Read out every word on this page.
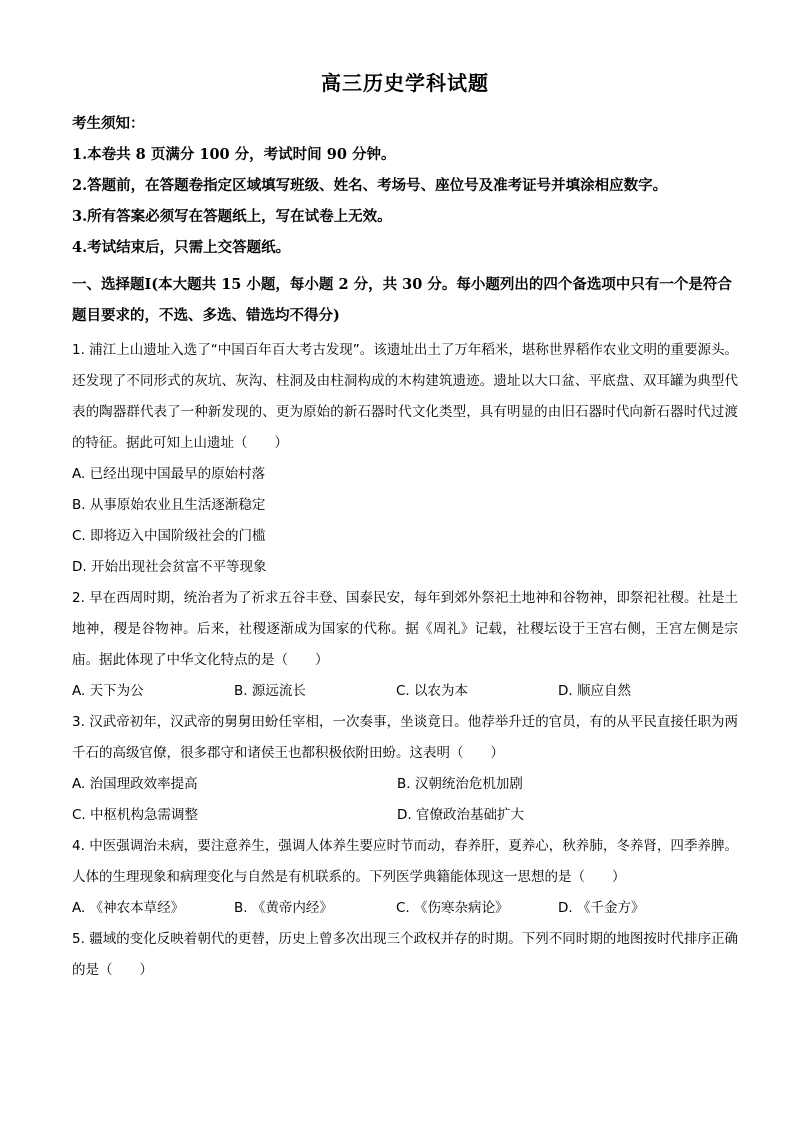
高三历史学科试题
考生须知：
1.本卷共 8 页满分 100 分，考试时间 90 分钟。
2.答题前，在答题卷指定区域填写班级、姓名、考场号、座位号及准考证号并填涂相应数字。
3.所有答案必须写在答题纸上，写在试卷上无效。
4.考试结束后，只需上交答题纸。
一、选择题Ⅰ(本大题共 15 小题，每小题 2 分，共 30 分。每小题列出的四个备选项中只有一个是符合题目要求的，不选、多选、错选均不得分)

1. 浦江上山遗址入选了“中国百年百大考古发现”。该遗址出土了万年稻米，堪称世界稻作农业文明的重要源头。还发现了不同形式的灰坑、灰沟、柱洞及由柱洞构成的木构建筑遗迹。遗址以大口盆、平底盘、双耳罐为典型代表的陶器群代表了一种新发现的、更为原始的新石器时代文化类型，具有明显的由旧石器时代向新石器时代过渡的特征。据此可知上山遗址（　　）

A. 已经出现中国最早的原始村落
B. 从事原始农业且生活逐渐稳定
C. 即将迈入中国阶级社会的门槛
D. 开始出现社会贫富不平等现象

2. 早在西周时期，统治者为了祈求五谷丰登、国泰民安，每年到郊外祭祀土地神和谷物神，即祭祀社稷。社是土地神，稷是谷物神。后来，社稷逐渐成为国家的代称。据《周礼》记载，社稷坛设于王宫右侧，王宫左侧是宗庙。据此体现了中华文化特点的是（　　）

A. 天下为公	B. 源远流长	C. 以农为本	D. 顺应自然

3. 汉武帝初年，汉武帝的舅舅田蚡任宰相，一次奏事，坐谈竟日。他荐举升迁的官员，有的从平民直接任职为两千石的高级官僚，很多郡守和诸侯王也都积极依附田蚡。这表明（　　）

A. 治国理政效率提高	B. 汉朝统治危机加剧
C. 中枢机构急需调整	D. 官僚政治基础扩大

4. 中医强调治未病，要注意养生，强调人体养生要应时节而动，春养肝，夏养心，秋养肺，冬养肾，四季养脾。人体的生理现象和病理变化与自然是有机联系的。下列医学典籍能体现这一思想的是（　　）

A. 《神农本草经》	B. 《黄帝内经》	C. 《伤寒杂病论》	D. 《千金方》

5. 疆域的变化反映着朝代的更替，历史上曾多次出现三个政权并存的时期。下列不同时期的地图按时代排序正确的是（　　）
